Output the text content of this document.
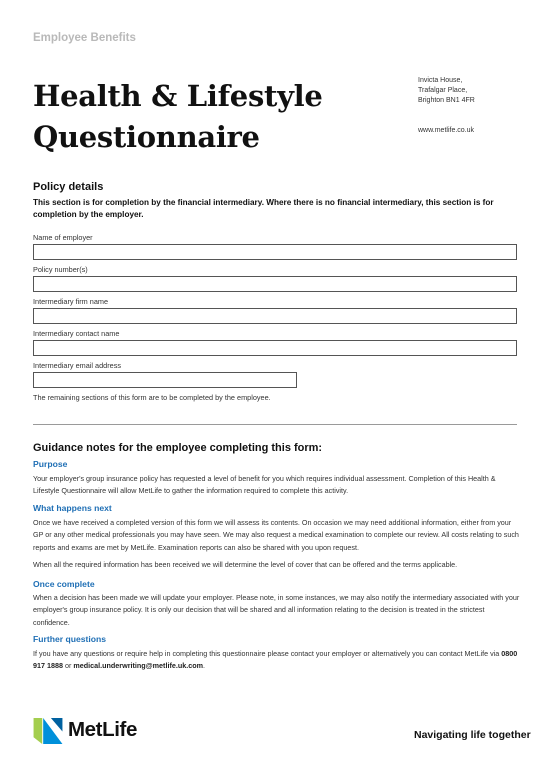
Employee Benefits
Health & Lifestyle
Questionnaire
Invicta House,
Trafalgar Place,
Brighton BN1 4FR
www.metlife.co.uk
Policy details
This section is for completion by the financial intermediary. Where there is no financial intermediary, this section is for completion by the employer.
Name of employer
Policy number(s)
Intermediary firm name
Intermediary contact name
Intermediary email address
The remaining sections of this form are to be completed by the employee.
Guidance notes for the employee completing this form:
Purpose
Your employer's group insurance policy has requested a level of benefit for you which requires individual assessment. Completion of this Health & Lifestyle Questionnaire will allow MetLife to gather the information required to complete this activity.
What happens next
Once we have received a completed version of this form we will assess its contents. On occasion we may need additional information, either from your GP or any other medical professionals you may have seen. We may also request a medical examination to complete our review. All costs relating to such reports and exams are met by MetLife. Examination reports can also be shared with you upon request.
When all the required information has been received we will determine the level of cover that can be offered and the terms applicable.
Once complete
When a decision has been made we will update your employer. Please note, in some instances, we may also notify the intermediary associated with your employer's group insurance policy. It is only our decision that will be shared and all information relating to the decision is treated in the strictest confidence.
Further questions
If you have any questions or require help in completing this questionnaire please contact your employer or alternatively you can contact MetLife via 0800 917 1888 or medical.underwriting@metlife.uk.com.
MetLife	Navigating life together
